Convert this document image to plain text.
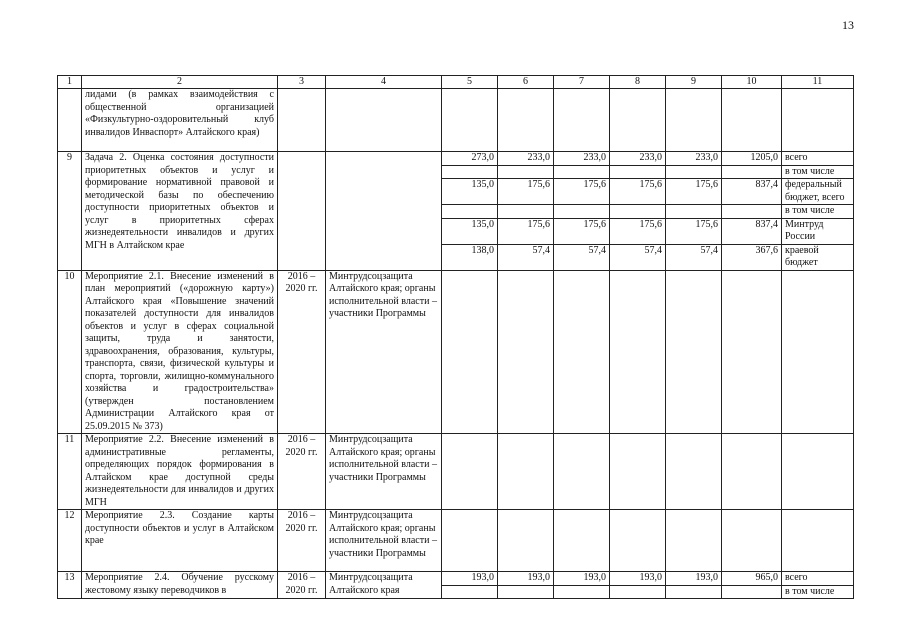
13
1	2	3	4	5	6	7	8	9	10	11
	лидами (в рамках взаимодействия с общественной организацией «Физкультурно-оздоровительный клуб инвалидов Инваспорт» Алтайского края)									
9	Задача 2. Оценка состояния доступности приоритетных объектов и услуг и формирование нормативной правовой и методической базы по обеспечению доступности приоритетных объектов и услуг в приоритетных сферах жизнедеятельности инвалидов и других МГН в Алтайском крае			273,0	233,0	233,0	233,0	233,0	1205,0	всего
										в том числе
				135,0	175,6	175,6	175,6	175,6	837,4	федеральный бюджет, всего
										в том числе
				135,0	175,6	175,6	175,6	175,6	837,4	Минтруд России
				138,0	57,4	57,4	57,4	57,4	367,6	краевой бюджет
10	Мероприятие 2.1. Внесение изменений в план мероприятий («дорожную карту») Алтайского края «Повышение значений показателей доступности для инвалидов объектов и услуг в сферах социальной защиты, труда и занятости, здравоохранения, образования, культуры, транспорта, связи, физической культуры и спорта, торговли, жилищно-коммунального хозяйства и градостроительства» (утвержден постановлением Администрации Алтайского края от 25.09.2015 № 373)	2016 – 2020 гг.	Минтрудсоцзащита Алтайского края; органы исполнительной власти – участники Программы							
11	Мероприятие 2.2. Внесение изменений в административные регламенты, определяющих порядок формирования в Алтайском крае доступной среды жизнедеятельности для инвалидов и других МГН	2016 – 2020 гг.	Минтрудсоцзащита Алтайского края; органы исполнительной власти – участники Программы							
12	Мероприятие 2.3. Создание карты доступности объектов и услуг в Алтайском крае	2016 – 2020 гг.	Минтрудсоцзащита Алтайского края; органы исполнительной власти – участники Программы							
13	Мероприятие 2.4. Обучение русскому жестовому языку переводчиков в	2016 – 2020 гг.	Минтрудсоцзащита Алтайского края	193,0	193,0	193,0	193,0	193,0	965,0	всего
										в том числе
